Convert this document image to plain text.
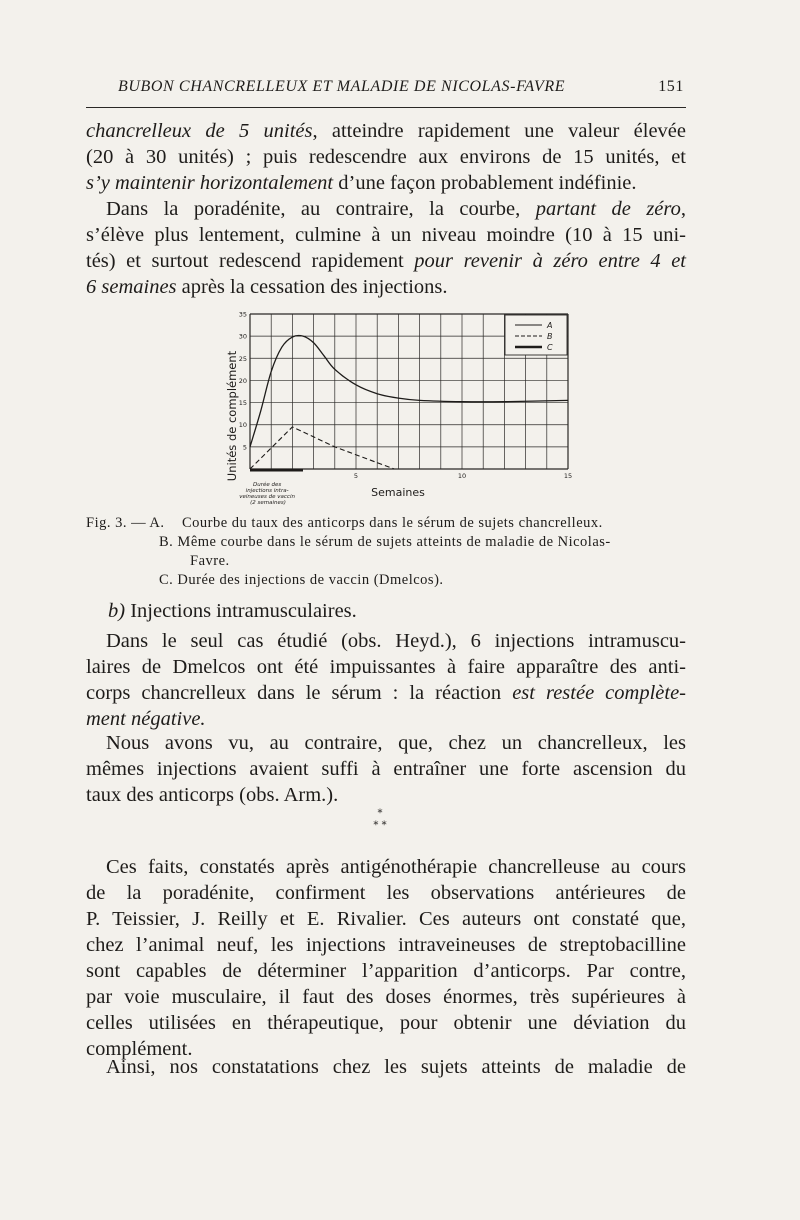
BUBON CHANCRELLEUX ET MALADIE DE NICOLAS-FAVRE	151
chancrelleux de 5 unités, atteindre rapidement une valeur élevée
(20 à 30 unités) ; puis redescendre aux environs de 15 unités, et
s’y maintenir horizontalement d’une façon probablement indéfinie.
Dans la poradénite, au contraire, la courbe, partant de zéro,
s’élève plus lentement, culmine à un niveau moindre (10 à 15 uni-
tés) et surtout redescend rapidement pour revenir à zéro entre 4 et
6 semaines après la cessation des injections.
5
10
15
20
25
30
35
5	10	15
Unités de complément
Semaines
Durée des injections intra- veineuses de vaccin (2 semaines)
A
B
C
Fig. 3. — A. Courbe du taux des anticorps dans le sérum de sujets chancrelleux.
B. Même courbe dans le sérum de sujets atteints de maladie de Nicolas-
Favre.
C. Durée des injections de vaccin (Dmelcos).
b) Injections intramusculaires.
Dans le seul cas étudié (obs. Heyd.), 6 injections intramuscu-
laires de Dmelcos ont été impuissantes à faire apparaître des anti-
corps chancrelleux dans le sérum : la réaction est restée complète-
ment négative.
Nous avons vu, au contraire, que, chez un chancrelleux, les
mêmes injections avaient suffi à entraîner une forte ascension du
taux des anticorps (obs. Arm.).
*
* *
Ces faits, constatés après antigénothérapie chancrelleuse au cours
de la poradénite, confirment les observations antérieures de
P. Teissier, J. Reilly et E. Rivalier. Ces auteurs ont constaté que,
chez l’animal neuf, les injections intraveineuses de streptobacilline
sont capables de déterminer l’apparition d’anticorps. Par contre,
par voie musculaire, il faut des doses énormes, très supérieures à
celles utilisées en thérapeutique, pour obtenir une déviation du
complément.
Ainsi, nos constatations chez les sujets atteints de maladie de
